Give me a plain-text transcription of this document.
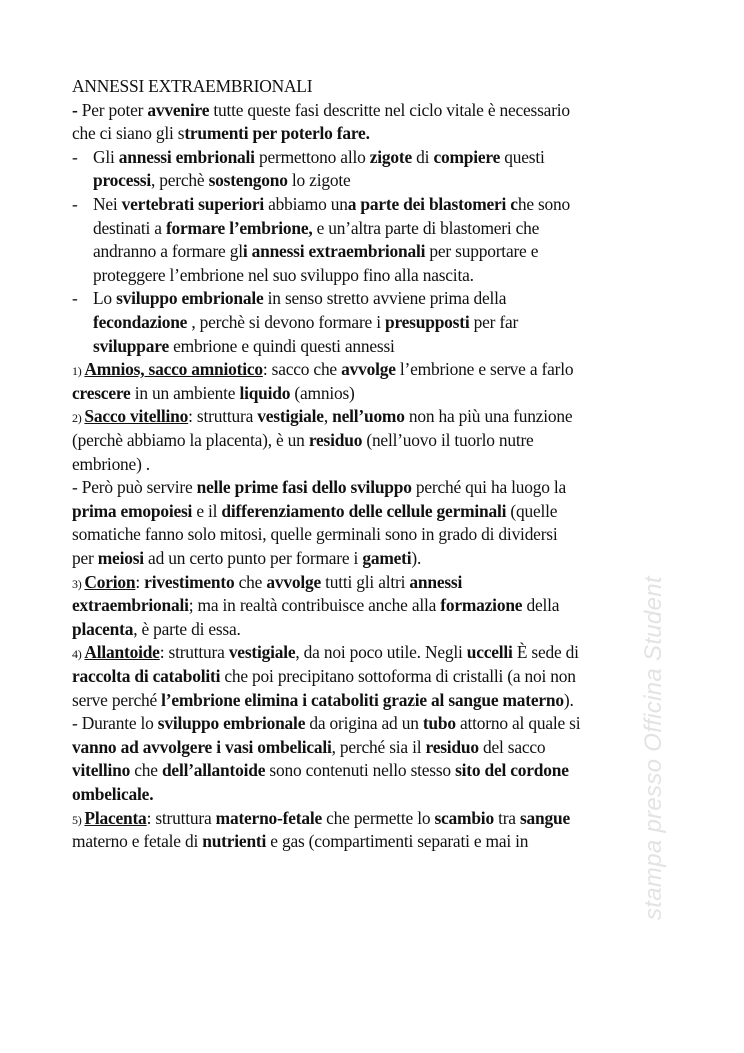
stampa presso Officina Student
ANNESSI EXTRAEMBRIONALI
- Per poter avvenire tutte queste fasi descritte nel ciclo vitale è necessario
che ci siano gli strumenti per poterlo fare.
- Gli annessi embrionali permettono allo zigote di compiere questi
processi, perchè sostengono lo zigote
- Nei vertebrati superiori abbiamo una parte dei blastomeri che sono
destinati a formare l’embrione, e un’altra parte di blastomeri che
andranno a formare gli annessi extraembrionali per supportare e
proteggere l’embrione nel suo sviluppo fino alla nascita.
- Lo sviluppo embrionale in senso stretto avviene prima della
fecondazione , perchè si devono formare i presupposti per far
sviluppare embrione e quindi questi annessi
1) Amnios, sacco amniotico: sacco che avvolge l’embrione e serve a farlo
crescere in un ambiente liquido (amnios)
2) Sacco vitellino: struttura vestigiale, nell’uomo non ha più una funzione
(perchè abbiamo la placenta), è un residuo (nell’uovo il tuorlo nutre
embrione) .
- Però può servire nelle prime fasi dello sviluppo perché qui ha luogo la
prima emopoiesi e il differenziamento delle cellule germinali (quelle
somatiche fanno solo mitosi, quelle germinali sono in grado di dividersi
per meiosi ad un certo punto per formare i gameti).
3) Corion: rivestimento che avvolge tutti gli altri annessi
extraembrionali; ma in realtà contribuisce anche alla formazione della
placenta, è parte di essa.
4) Allantoide: struttura vestigiale, da noi poco utile. Negli uccelli È sede di
raccolta di cataboliti che poi precipitano sottoforma di cristalli (a noi non
serve perché l’embrione elimina i cataboliti grazie al sangue materno).
- Durante lo sviluppo embrionale da origina ad un tubo attorno al quale si
vanno ad avvolgere i vasi ombelicali, perché sia il residuo del sacco
vitellino che dell’allantoide sono contenuti nello stesso sito del cordone
ombelicale.
5) Placenta: struttura materno-fetale che permette lo scambio tra sangue
materno e fetale di nutrienti e gas (compartimenti separati e mai in
